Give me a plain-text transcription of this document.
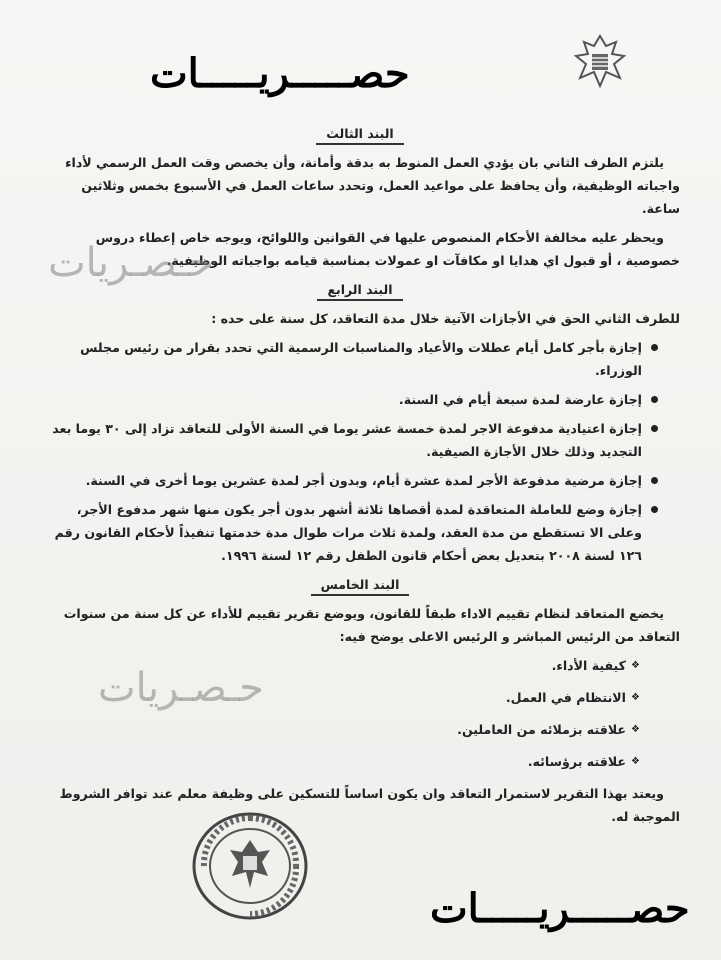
حصـــــريـــــات
البند الثالث

يلتزم الطرف الثاني بان يؤدي العمل المنوط به بدقة وأمانة، وأن يخصص وقت العمل الرسمي لأداء واجباته الوظيفية، وأن يحافظ على مواعيد العمل، وتحدد ساعات العمل في الأسبوع بخمس وثلاثين ساعة.

ويحظر عليه مخالفة الأحكام المنصوص عليها في القوانين واللوائح، ويوجه خاص إعطاء دروس خصوصية ، أو قبول اي هدايا او مكافآت او عمولات بمناسبة قيامه بواجباته الوظيفية.

البند الرابع

للطرف الثاني الحق في الأجازات الآتية خلال مدة التعاقد، كل سنة على حده :

إجازة بأجر كامل أيام عطلات والأعياد والمناسبات الرسمية التي تحدد بقرار من رئيس مجلس الوزراء.
إجازة عارضة لمدة سبعة أيام في السنة.
إجازة اعتيادية مدفوعة الاجر لمدة خمسة عشر يوما في السنة الأولى للتعاقد تزاد إلى ٣٠ يوما بعد التجديد وذلك خلال الأجازة الصيفية.
إجازة مرضية مدفوعة الأجر لمدة عشرة أيام، وبدون أجر لمدة عشرين يوما أخرى في السنة.
إجازة وضع للعاملة المتعاقدة لمدة أقصاها ثلاثة أشهر بدون أجر يكون منها شهر مدفوع الأجر، وعلى الا تستقطع من مدة العقد، ولمدة ثلاث مرات طوال مدة خدمتها تنفيذاً لأحكام القانون رقم ١٢٦ لسنة ٢٠٠٨ بتعديل بعض أحكام قانون الطفل رقم ١٢ لسنة ١٩٩٦.
البند الخامس

يخضع المتعاقد لنظام تقييم الاداء طبقاً للقانون، ويوضع تقرير تقييم للأداء عن كل سنة من سنوات التعاقد من الرئيس المباشر و الرئيس الاعلى يوضح فيه:

❖ كيفية الأداء.
❖ الانتظام في العمل.
❖ علاقته بزملائه من العاملين.
❖ علاقته برؤسائه.

ويعتد بهذا التقرير لاستمرار التعاقد وان يكون اساساً للتسكين على وظيفة معلم عند توافر الشروط الموجبة له.

حـصـريات
حـصـريات
حصـــــريـــــات
